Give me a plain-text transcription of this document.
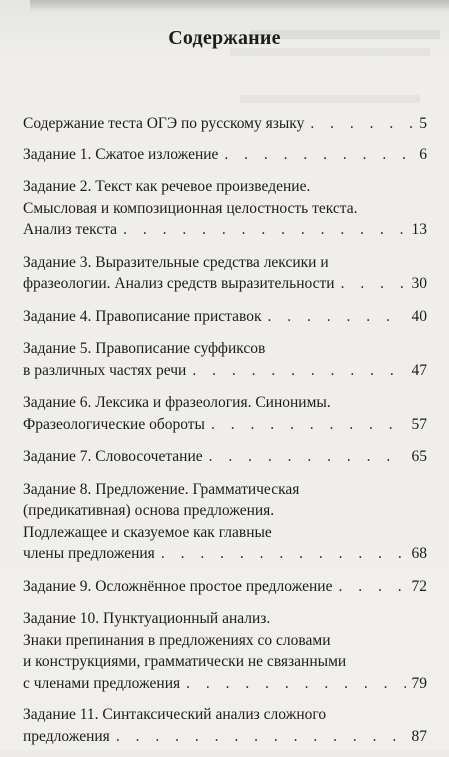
Содержание
Содержание теста ОГЭ по русскому языку . . .	5
Задание 1. Сжатое изложение . . .	6
Задание 2. Текст как речевое произведение.
Смысловая и композиционная целостность текста.
Анализ текста . . .	13
Задание 3. Выразительные средства лексики и
фразеологии. Анализ средств выразительности . . .	30
Задание 4. Правописание приставок . . .	40
Задание 5. Правописание суффиксов
в различных частях речи . . .	47
Задание 6. Лексика и фразеология. Синонимы.
Фразеологические обороты . . .	57
Задание 7. Словосочетание . . .	65
Задание 8. Предложение. Грамматическая
(предикативная) основа предложения.
Подлежащее и сказуемое как главные
члены предложения . . .	68
Задание 9. Осложнённое простое предложение . . .	72
Задание 10. Пунктуационный анализ.
Знаки препинания в предложениях со словами
и конструкциями, грамматически не связанными
с членами предложения . . .	79
Задание 11. Синтаксический анализ сложного
предложения . . .	87
